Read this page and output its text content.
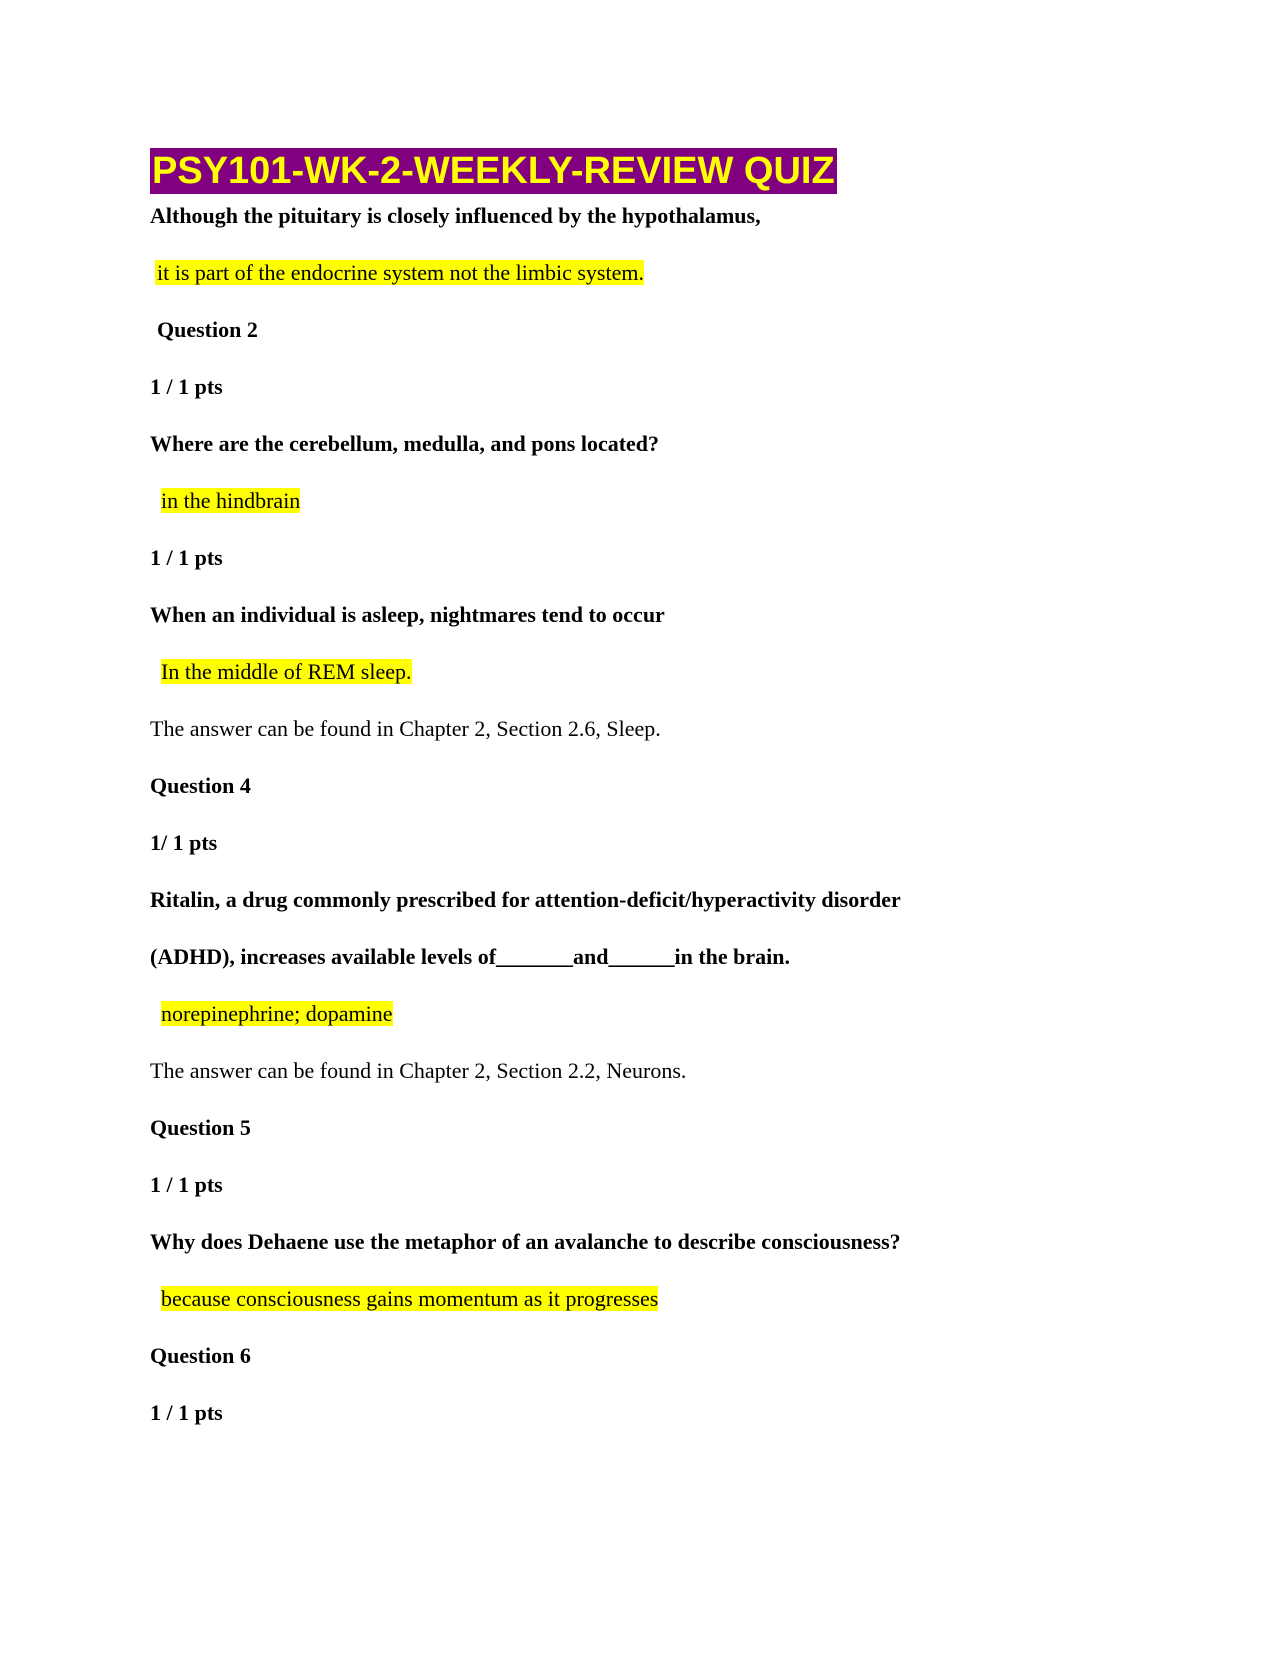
PSY101-WK-2-WEEKLY-REVIEW QUIZ
Although the pituitary is closely influenced by the hypothalamus,
it is part of the endocrine system not the limbic system.
Question 2
1 / 1 pts
Where are the cerebellum, medulla, and pons located?
in the hindbrain
1 / 1 pts
When an individual is asleep, nightmares tend to occur
In the middle of REM sleep.
The answer can be found in Chapter 2, Section 2.6, Sleep.
Question 4
1/ 1 pts
Ritalin, a drug commonly prescribed for attention-deficit/hyperactivity disorder
(ADHD), increases available levels of_______and______in the brain.
norepinephrine; dopamine
The answer can be found in Chapter 2, Section 2.2, Neurons.
Question 5
1 / 1 pts
Why does Dehaene use the metaphor of an avalanche to describe consciousness?
because consciousness gains momentum as it progresses
Question 6
1 / 1 pts
